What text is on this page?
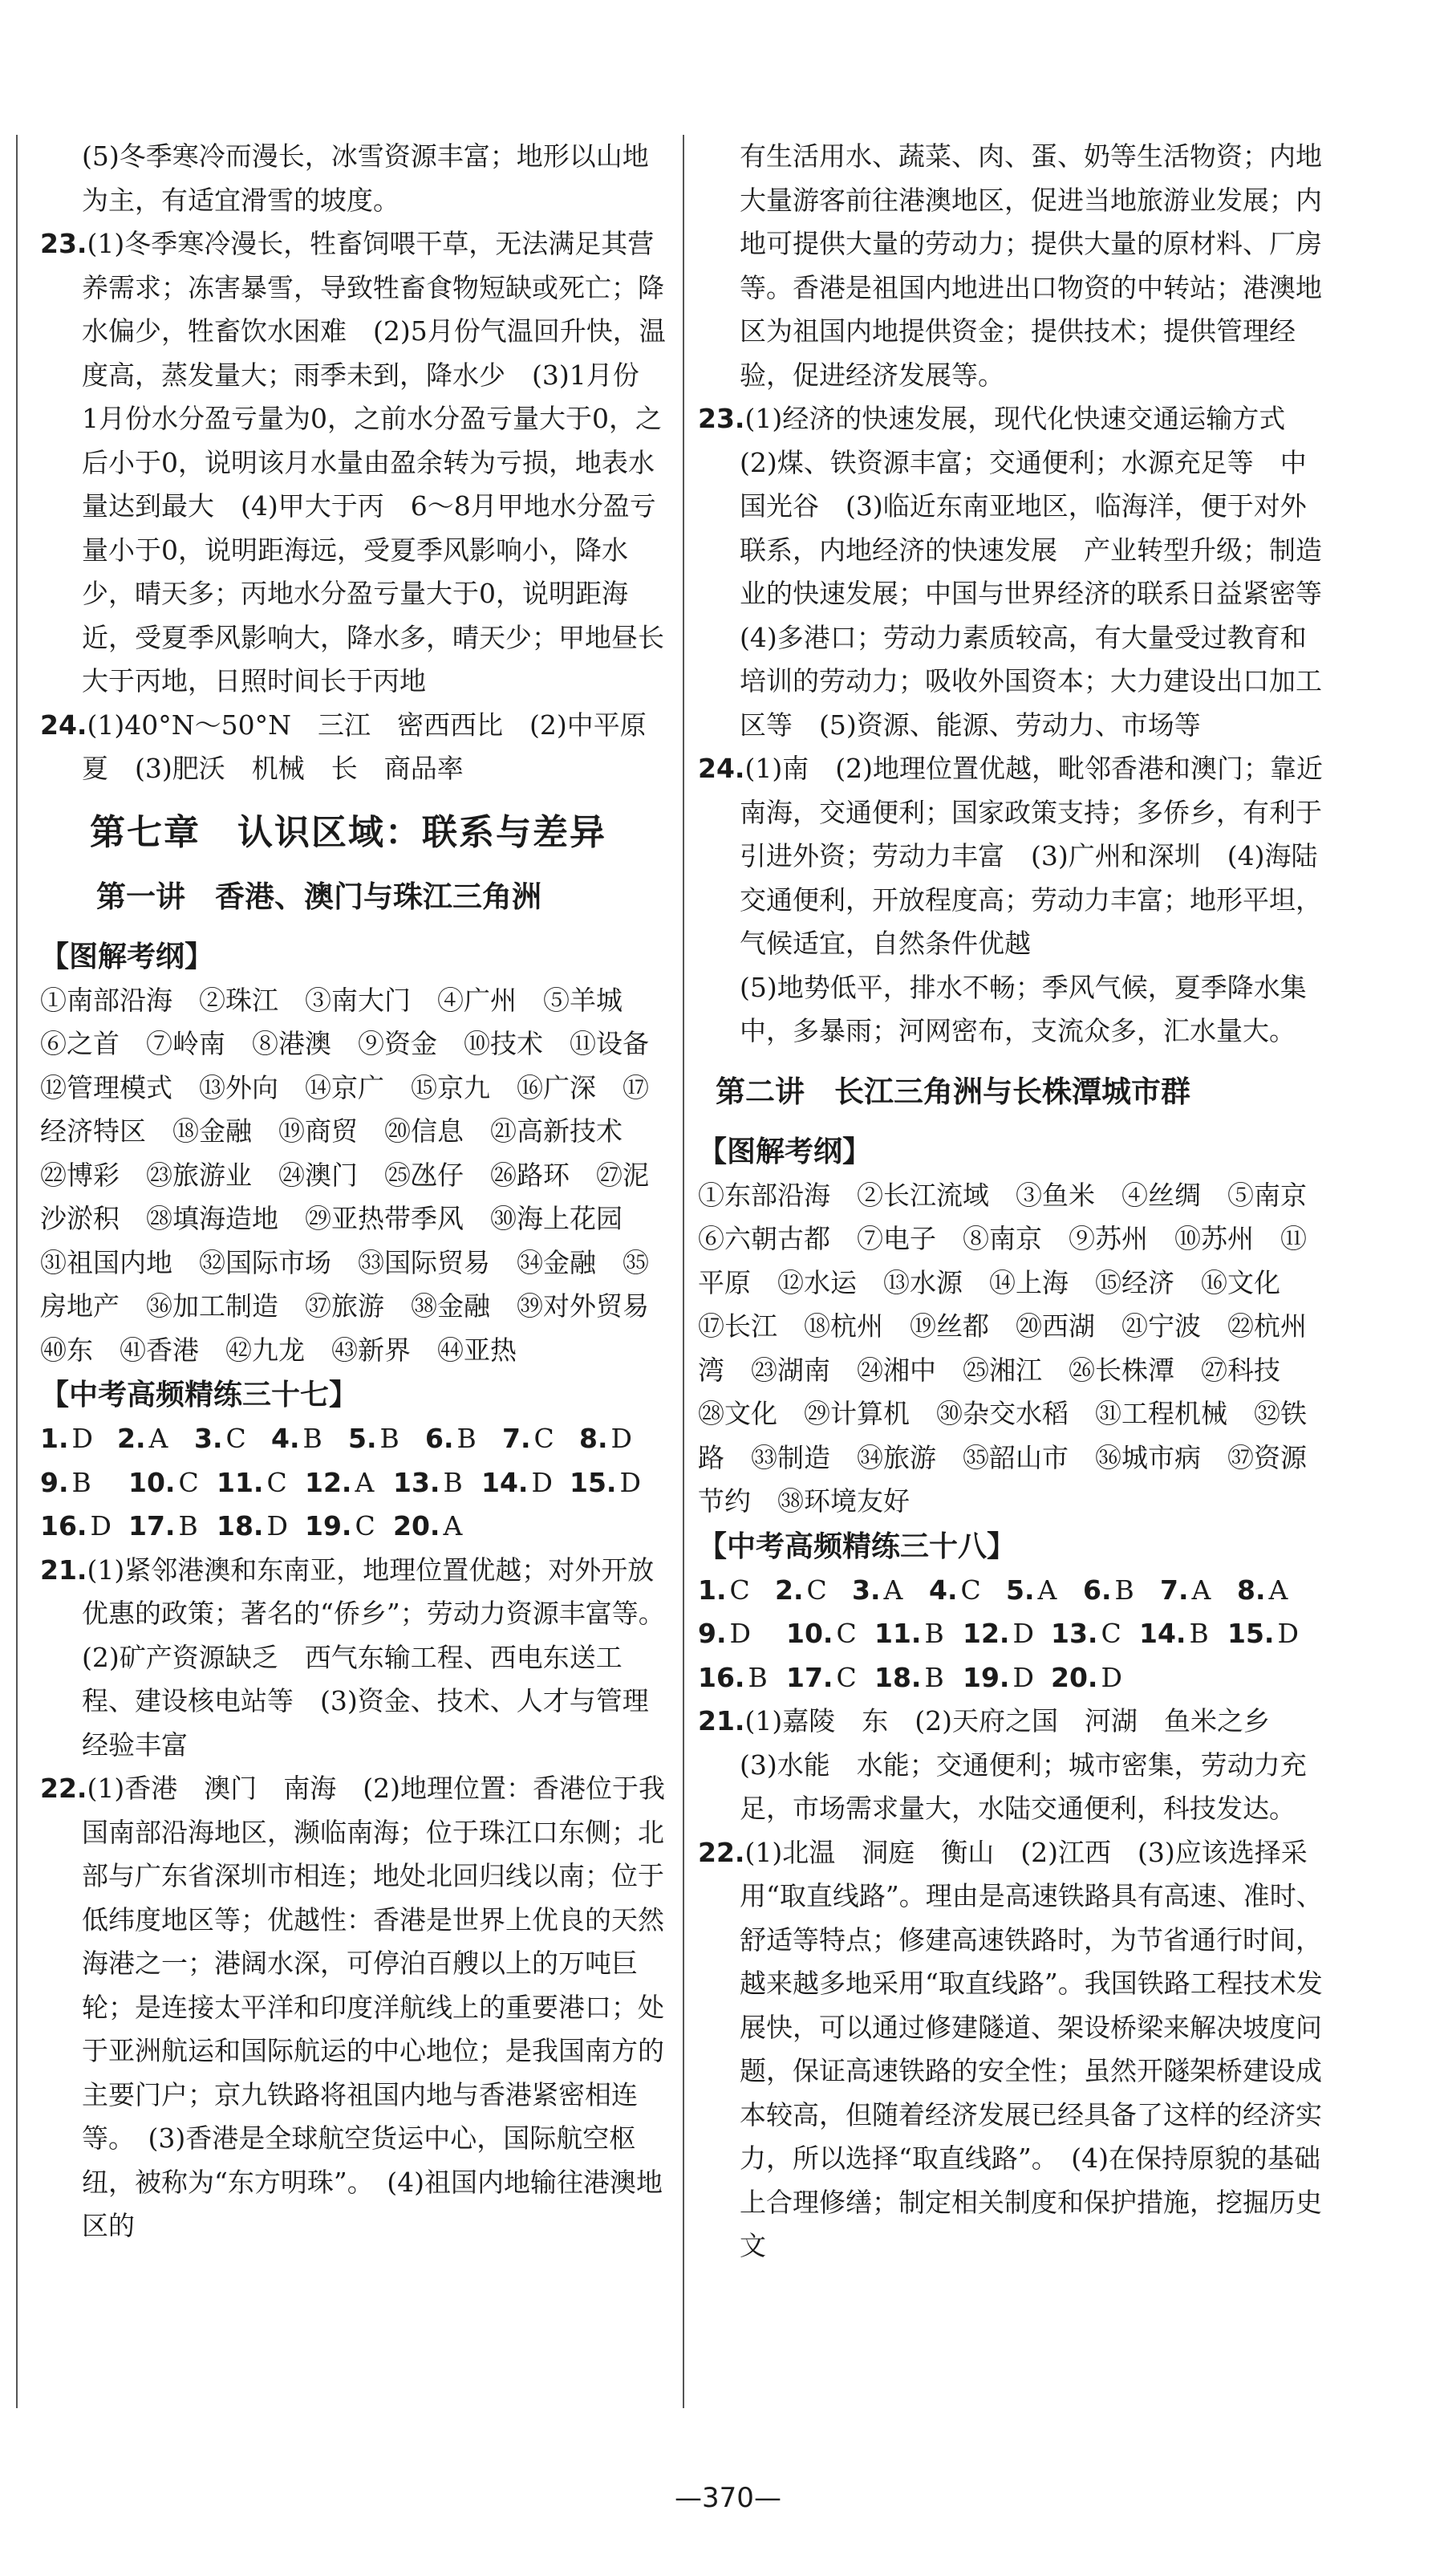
(5)冬季寒冷而漫长，冰雪资源丰富；地形以山地为主，有适宜滑雪的坡度。

23.(1)冬季寒冷漫长，牲畜饲喂干草，无法满足其营养需求；冻害暴雪，导致牲畜食物短缺或死亡；降水偏少，牲畜饮水困难　(2)5月份气温回升快，温度高，蒸发量大；雨季未到，降水少　(3)1月份　1月份水分盈亏量为0，之前水分盈亏量大于0，之后小于0，说明该月水量由盈余转为亏损，地表水量达到最大　(4)甲大于丙　6～8月甲地水分盈亏量小于0，说明距海远，受夏季风影响小，降水少，晴天多；丙地水分盈亏量大于0，说明距海近，受夏季风影响大，降水多，晴天少；甲地昼长大于丙地，日照时间长于丙地

24.(1)40°N～50°N　三江　密西西比　(2)中平原　夏　(3)肥沃　机械　长　商品率

第七章　认识区域：联系与差异
第一讲　香港、澳门与珠江三角洲
【图解考纲】

①南部沿海　②珠江　③南大门　④广州　⑤羊城　⑥之首　⑦岭南　⑧港澳　⑨资金　⑩技术　⑪设备　⑫管理模式　⑬外向　⑭京广　⑮京九　⑯广深　⑰经济特区　⑱金融　⑲商贸　⑳信息　㉑高新技术　㉒博彩　㉓旅游业　㉔澳门　㉕氹仔　㉖路环　㉗泥沙淤积　㉘填海造地　㉙亚热带季风　㉚海上花园　㉛祖国内地　㉜国际市场　㉝国际贸易　㉞金融　㉟房地产　㊱加工制造　㊲旅游　㊳金融　㊴对外贸易　㊵东　㊶香港　㊷九龙　㊸新界　㊹亚热

【中考高频精练三十七】
1. D 2. A 3. C 4. B 5. B 6. B 7. C 8. D
9. B 10. C 11. C 12. A 13. B 14. D 15. D
16. D 17. B 18. D 19. C 20. A

21.(1)紧邻港澳和东南亚，地理位置优越；对外开放优惠的政策；著名的“侨乡”；劳动力资源丰富等。　(2)矿产资源缺乏　西气东输工程、西电东送工程、建设核电站等　(3)资金、技术、人才与管理经验丰富

22.(1)香港　澳门　南海　(2)地理位置：香港位于我国南部沿海地区，濒临南海；位于珠江口东侧；北部与广东省深圳市相连；地处北回归线以南；位于低纬度地区等；优越性：香港是世界上优良的天然海港之一；港阔水深，可停泊百艘以上的万吨巨轮；是连接太平洋和印度洋航线上的重要港口；处于亚洲航运和国际航运的中心地位；是我国南方的主要门户；京九铁路将祖国内地与香港紧密相连等。　(3)香港是全球航空货运中心，国际航空枢纽，被称为“东方明珠”。　(4)祖国内地输往港澳地区的

有生活用水、蔬菜、肉、蛋、奶等生活物资；内地大量游客前往港澳地区，促进当地旅游业发展；内地可提供大量的劳动力；提供大量的原材料、厂房等。香港是祖国内地进出口物资的中转站；港澳地区为祖国内地提供资金；提供技术；提供管理经验，促进经济发展等。

23.(1)经济的快速发展，现代化快速交通运输方式　(2)煤、铁资源丰富；交通便利；水源充足等　中国光谷　(3)临近东南亚地区，临海洋，便于对外联系，内地经济的快速发展　产业转型升级；制造业的快速发展；中国与世界经济的联系日益紧密等　(4)多港口；劳动力素质较高，有大量受过教育和培训的劳动力；吸收外国资本；大力建设出口加工区等　(5)资源、能源、劳动力、市场等

24.(1)南　(2)地理位置优越，毗邻香港和澳门；靠近南海，交通便利；国家政策支持；多侨乡，有利于引进外资；劳动力丰富　(3)广州和深圳　(4)海陆交通便利，开放程度高；劳动力丰富；地形平坦，气候适宜，自然条件优越

(5)地势低平，排水不畅；季风气候，夏季降水集中，多暴雨；河网密布，支流众多，汇水量大。

第二讲　长江三角洲与长株潭城市群
【图解考纲】

①东部沿海　②长江流域　③鱼米　④丝绸　⑤南京　⑥六朝古都　⑦电子　⑧南京　⑨苏州　⑩苏州　⑪平原　⑫水运　⑬水源　⑭上海　⑮经济　⑯文化　⑰长江　⑱杭州　⑲丝都　⑳西湖　㉑宁波　㉒杭州湾　㉓湖南　㉔湘中　㉕湘江　㉖长株潭　㉗科技　㉘文化　㉙计算机　㉚杂交水稻　㉛工程机械　㉜铁路　㉝制造　㉞旅游　㉟韶山市　㊱城市病　㊲资源节约　㊳环境友好

【中考高频精练三十八】
1. C 2. C 3. A 4. C 5. A 6. B 7. A 8. A
9. D 10. C 11. B 12. D 13. C 14. B 15. D
16. B 17. C 18. B 19. D 20. D

21.(1)嘉陵　东　(2)天府之国　河湖　鱼米之乡　(3)水能　水能；交通便利；城市密集，劳动力充足，市场需求量大，水陆交通便利，科技发达。

22.(1)北温　洞庭　衡山　(2)江西　(3)应该选择采用“取直线路”。理由是高速铁路具有高速、准时、舒适等特点；修建高速铁路时，为节省通行时间，越来越多地采用“取直线路”。我国铁路工程技术发展快，可以通过修建隧道、架设桥梁来解决坡度问题，保证高速铁路的安全性；虽然开隧架桥建设成本较高，但随着经济发展已经具备了这样的经济实力，所以选择“取直线路”。　(4)在保持原貌的基础上合理修缮；制定相关制度和保护措施，挖掘历史文

—370—
